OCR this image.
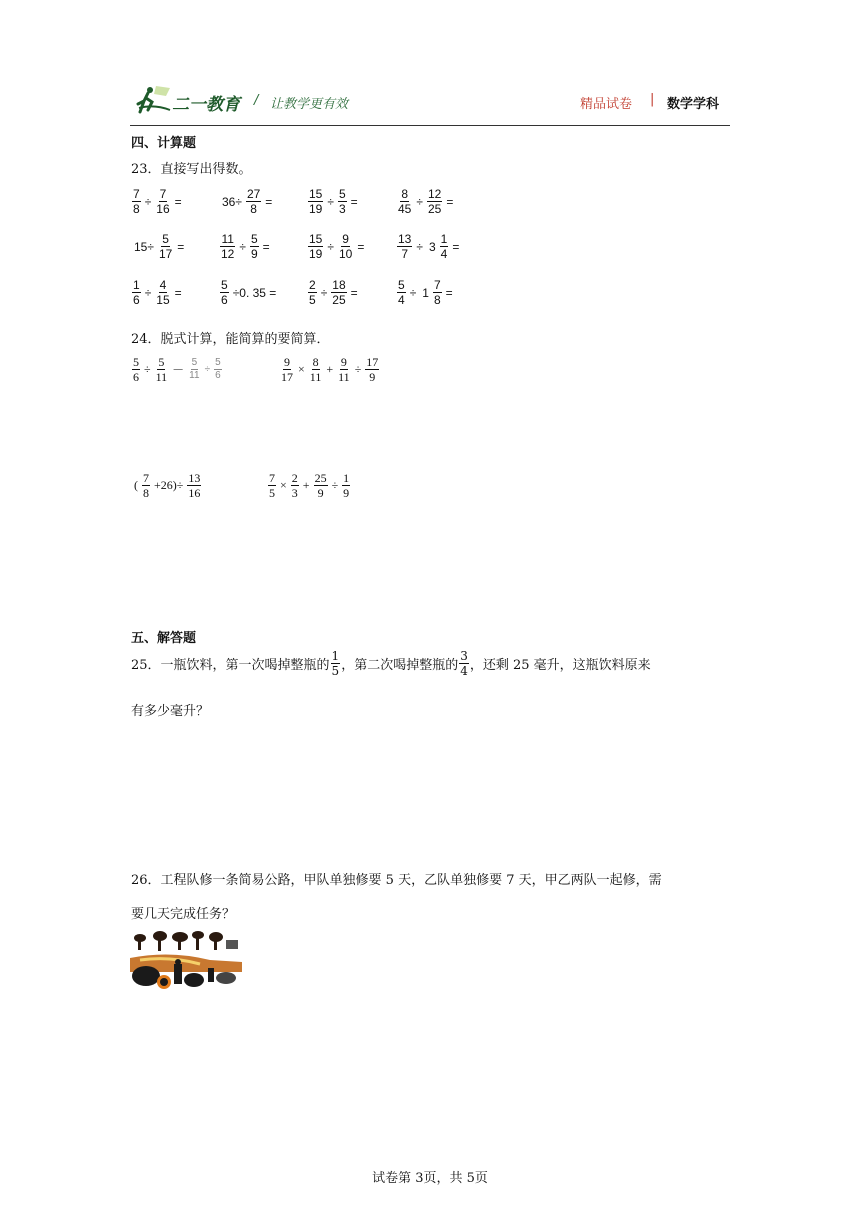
二一教育 / 让教学更有效	精品试卷 | 数学学科
四、计算题
23．直接写出得数。
$\frac{7}{8} \div \frac{7}{16}$ =	$36\div \frac{27}{8}$ =	$\frac{15}{19} \div \frac{5}{3}$ =	$\frac{8}{45} \div \frac{12}{25}$ =
$15\div \frac{5}{17}$ =	$\frac{11}{12} \div \frac{5}{9}$ =	$\frac{15}{19} \div \frac{9}{10}$ =	$\frac{13}{7} \div 3 \frac{1}{4}$ =
$\frac{1}{6} \div \frac{4}{15}$ =	$\frac{5}{6} \div 0$. 35 =	$\frac{2}{5} \div \frac{18}{25}$ =	$\frac{5}{4} \div 1 \frac{7}{8}$ =
24．脱式计算，能简算的要简算．
$\frac{5}{6} \div \frac{5}{11} - \frac{5}{11} \div \frac{5}{6}$	$\frac{9}{17} \times \frac{8}{11} + \frac{9}{11} \div \frac{17}{9}$
( $\frac{7}{8} +26)\div \frac{13}{16}$	$\frac{7}{5} \times \frac{2}{3} + \frac{25}{9} \div \frac{1}{9}$
五、解答题
25．一瓶饮料，第一次喝掉整瓶的 $\frac{1}{5}$ ，第二次喝掉整瓶的 $\frac{3}{4}$ ，还剩 25 毫升，这瓶饮料原来
有多少毫升？
26．工程队修一条简易公路，甲队单独修要 5 天，乙队单独修要 7 天，甲乙两队一起修，需
要几天完成任务？
试卷第 3页，共 5页
